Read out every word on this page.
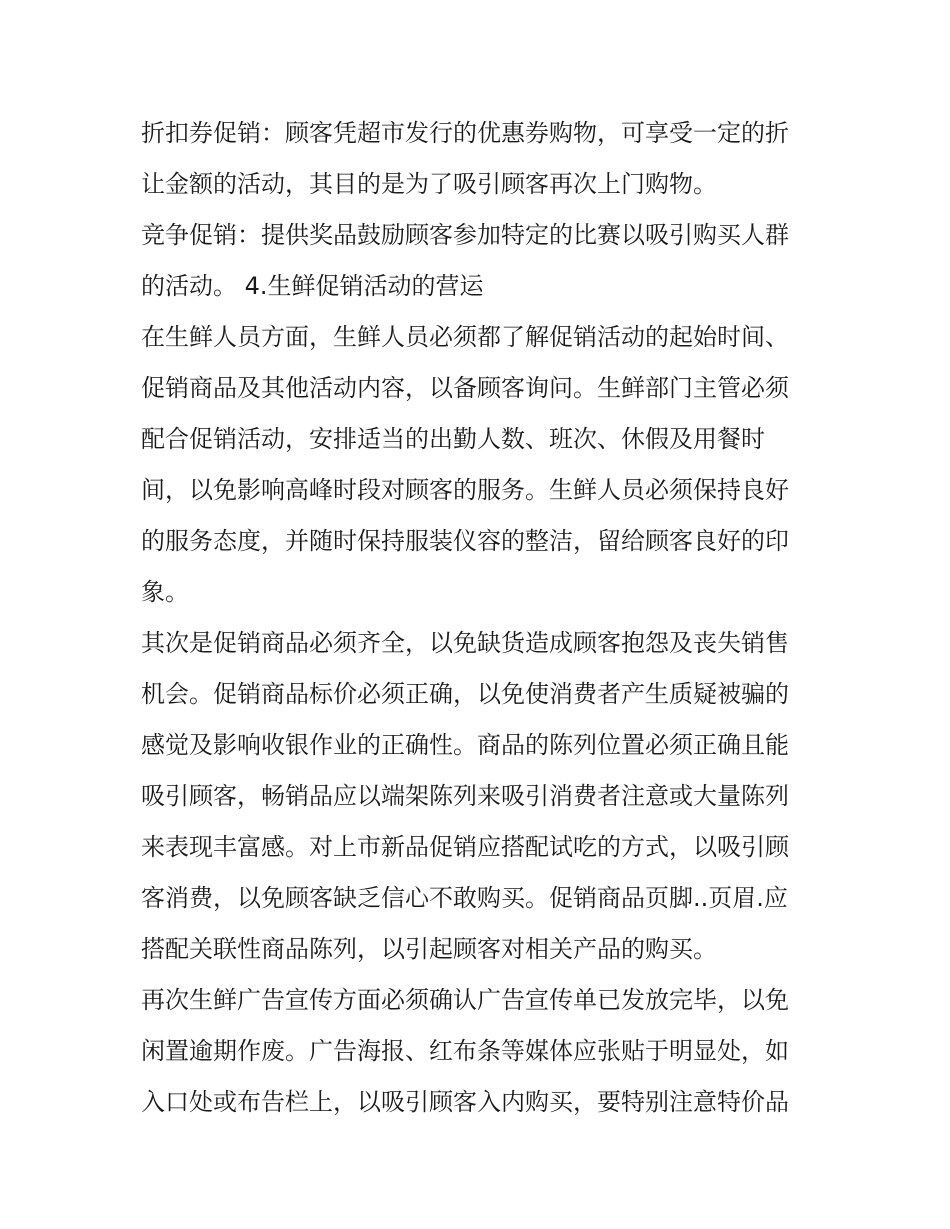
折扣券促销：顾客凭超市发行的优惠券购物，可享受一定的折
让金额的活动，其目的是为了吸引顾客再次上门购物。
竞争促销：提供奖品鼓励顾客参加特定的比赛以吸引购买人群
的活动。 4.生鲜促销活动的营运
在生鲜人员方面，生鲜人员必须都了解促销活动的起始时间、
促销商品及其他活动内容，以备顾客询问。生鲜部门主管必须
配合促销活动，安排适当的出勤人数、班次、休假及用餐时
间，以免影响高峰时段对顾客的服务。生鲜人员必须保持良好
的服务态度，并随时保持服装仪容的整洁，留给顾客良好的印
象。
其次是促销商品必须齐全，以免缺货造成顾客抱怨及丧失销售
机会。促销商品标价必须正确，以免使消费者产生质疑被骗的
感觉及影响收银作业的正确性。商品的陈列位置必须正确且能
吸引顾客，畅销品应以端架陈列来吸引消费者注意或大量陈列
来表现丰富感。对上市新品促销应搭配试吃的方式，以吸引顾
客消费，以免顾客缺乏信心不敢购买。促销商品页脚..页眉.应
搭配关联性商品陈列，以引起顾客对相关产品的购买。
再次生鲜广告宣传方面必须确认广告宣传单已发放完毕，以免
闲置逾期作废。广告海报、红布条等媒体应张贴于明显处，如
入口处或布告栏上，以吸引顾客入内购买，要特别注意特价品
